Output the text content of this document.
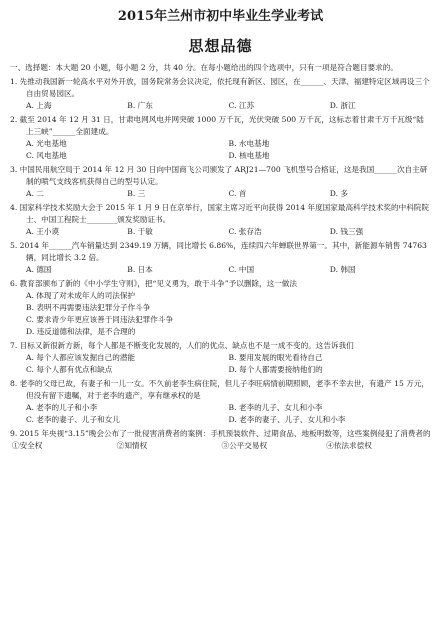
2015年兰州市初中毕业生学业考试
思想品德
一、选择题：本大题 20 小题，每小题 2 分，共 40 分。在每小题给出的四个选项中，只有一项是符合题目要求的。
1. 先推动我国新一轮高水平对外开放，国务院常务会议决定，依托现有新区、园区，在______、天津、福建特定区域再设三个自由贸易园区。
A. 上海	B. 广东	C. 江苏	D. 浙江
2. 截至 2014 年 12 月 31 日，甘肃电网风电并网突破 1000 万千瓦，光伏突破 500 万千瓦，这标志着甘肃千万千瓦级“陆上三峡”______全面建成。
A. 光电基地	B. 水电基地
C. 风电基地	D. 核电基地
3. 中国民用航空局于 2014 年 12 月 30 日向中国商飞公司颁发了 ARJ21—700 飞机型号合格证，这是我国______次自主研制的喷气支线客机获得自己的型号认定。
A. 二	B. 三	C. 首	D. 多
4. 国家科学技术奖励大会于 2015 年 1 月 9 日在京举行，国家主席习近平向获得 2014 年度国家最高科学技术奖的中科院院士、中国工程院士________颁发奖励证书。
A. 王小谟	B. 于敏	C. 张存浩	D. 钱三强
5. 2014 年______汽车销量达到 2349.19 万辆，同比增长 6.86%，连续四六年蝉联世界第一。其中，新能源车销售 74763 辆，同比增长 3.2 倍。
A. 德国	B. 日本	C. 中国	D. 韩国
6. 教育部颁布了新的《中小学生守则》，把“见义勇为，敢于斗争”予以删除，这一做法
A. 体现了对未成年人的司法保护
B. 表明不再需要违法犯罪分子作斗争
C. 要求青少年更应该善于同违法犯罪作斗争
D. 违反道德和法律，是不合理的
7. 目标又新很新方新，每个人都是不断变化发展的，人们的优点、缺点也不是一成不变的。这告诉我们
A. 每个人都应该发掘自己的潜能	B. 要用发展的眼光看待自己
C. 每个人都有优点和缺点	D. 每个人都需要接纳他们的
8. 老李的父母已故，有妻子和一儿一女。不久前老李生病住院，但儿子李旺病情前期照顾，老李不幸去世，有遗产 15 万元，但没有留下遗嘱，对于老李的遗产，享有继承权的是
A. 老李的儿子和小李	B. 老李的儿子、女儿和小李
C. 老李的妻子、儿子和女儿	D. 老李的妻子、儿子、女儿和小李
9. 2015 年央视“3.15”晚会公布了一批侵害消费者的案例：手机预装软件、过期食品、地板明数等，这些案例侵犯了消费者的
①安全权	②知情权	③公平交易权	④依法求偿权
